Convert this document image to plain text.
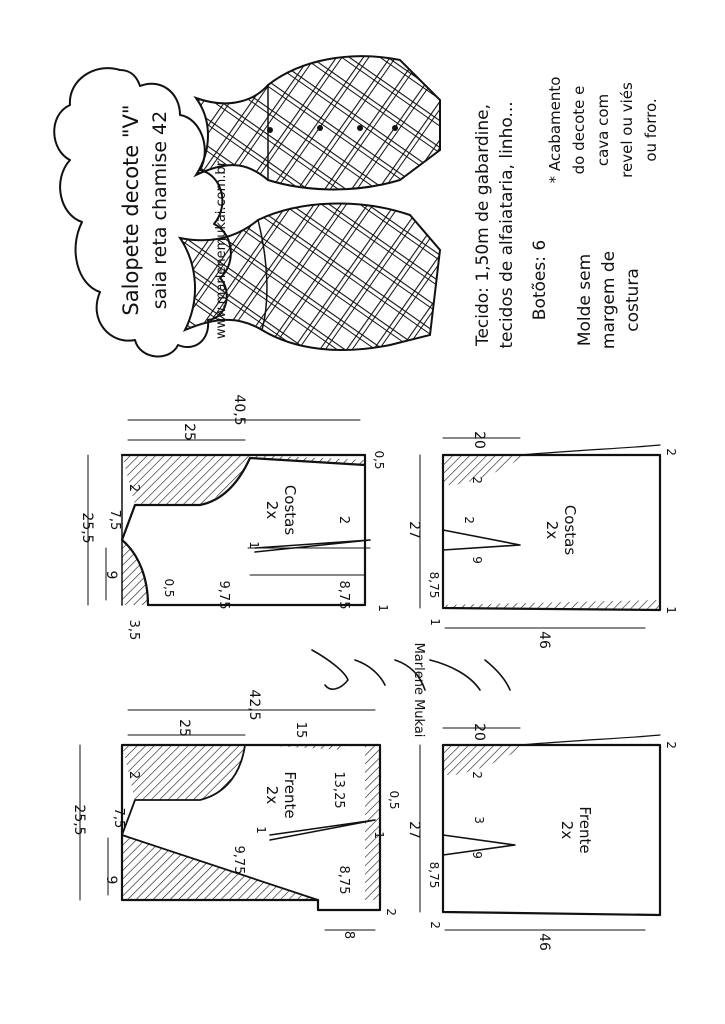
Salopete decote "V" saia reta chamise 42	Tecido: 1,50m de gabardine, tecidos de alfaiataria, linho... Botões: 6 Molde sem margem de costura
* Acabamento do decote e cava com revel ou viés ou forro.
40,5
25
25,5
9
7,5
2
3,5
9,75	8,75
0,5
2
1
0,5
1
Costas
2x
20
27
46
8,75
9
2
2
2
1
1
Costas
2x
Marlene Mukai
42,5
25	15
25,5
9
7,5
2
9,75
8,75
13,25
1
0,5
1
8
2
Frente
2x
20
27
46
8,75
9
3
2
2
2
Frente
2x
